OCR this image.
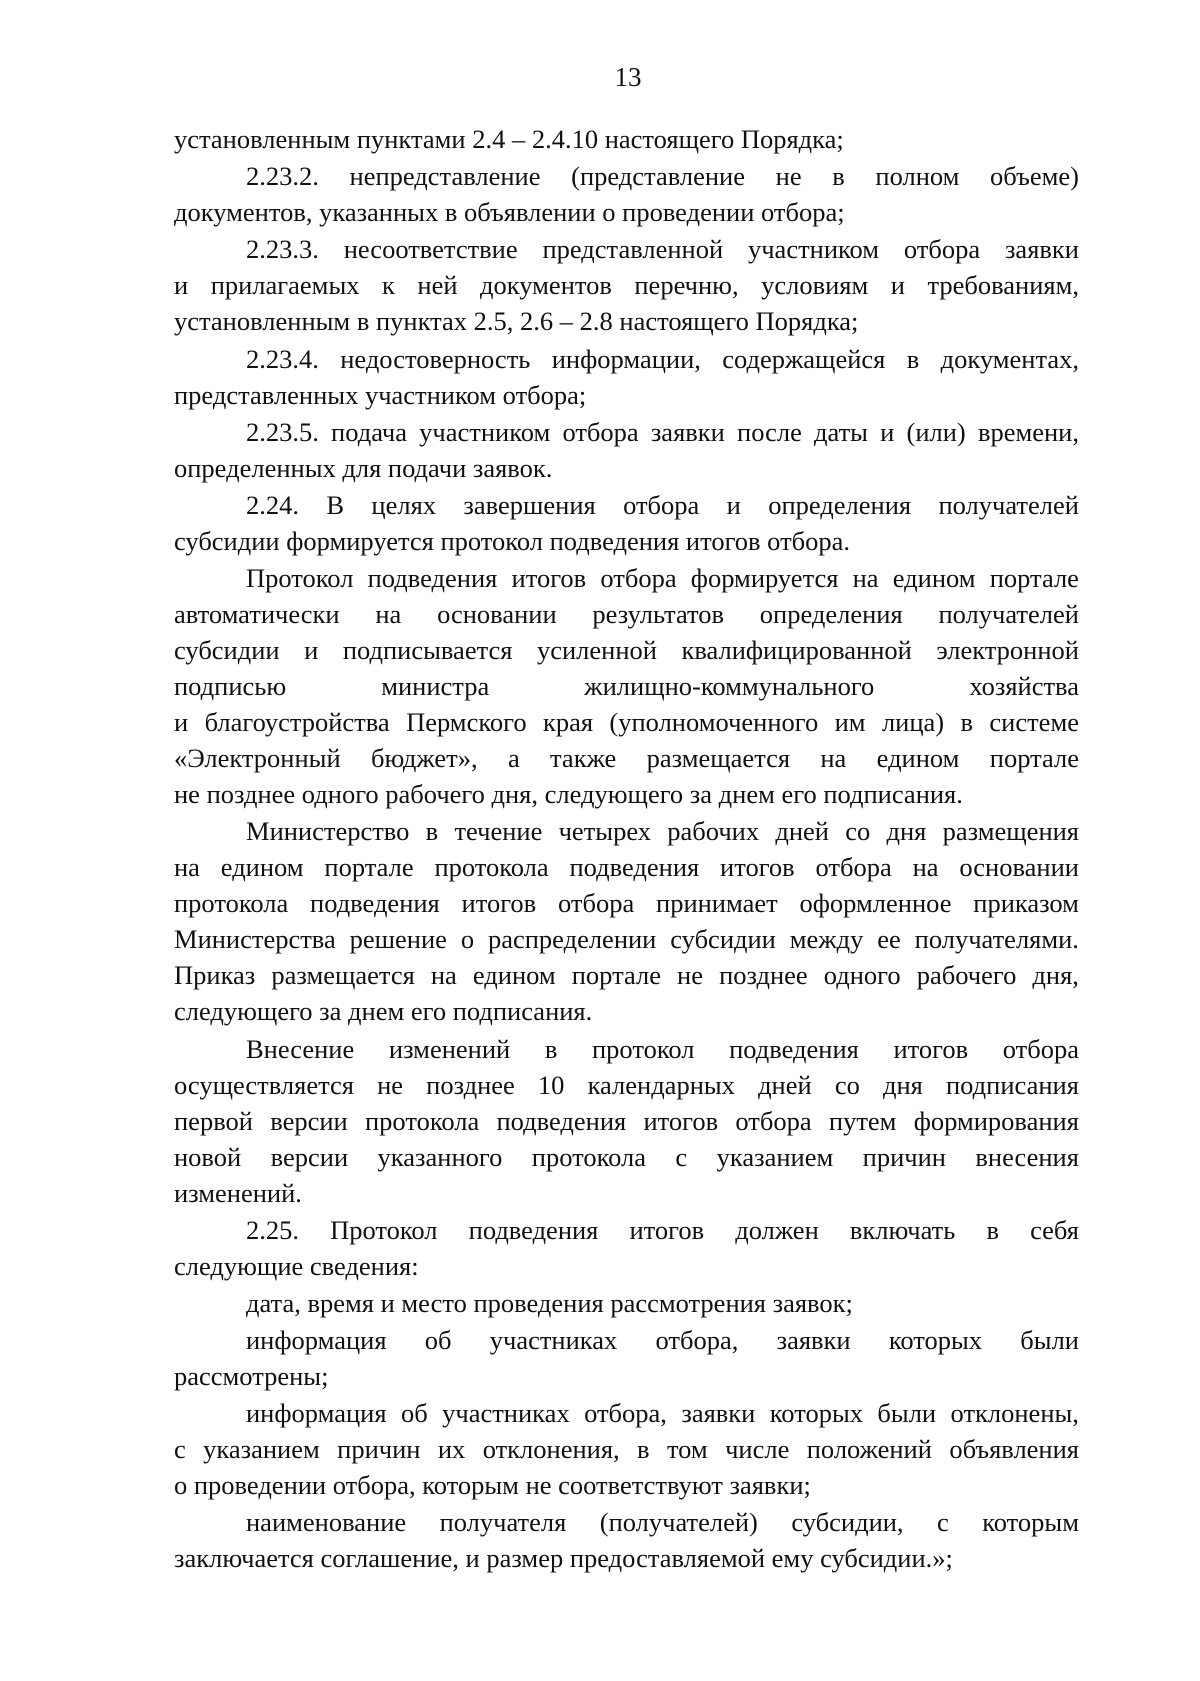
13
установленным пунктами 2.4 – 2.4.10 настоящего Порядка;
2.23.2. непредставление (представление не в полном объеме)
документов, указанных в объявлении о проведении отбора;
2.23.3. несоответствие представленной участником отбора заявки
и прилагаемых к ней документов перечню, условиям и требованиям,
установленным в пунктах 2.5, 2.6 – 2.8 настоящего Порядка;
2.23.4. недостоверность информации, содержащейся в документах,
представленных участником отбора;
2.23.5. подача участником отбора заявки после даты и (или) времени,
определенных для подачи заявок.
2.24. В целях завершения отбора и определения получателей
субсидии формируется протокол подведения итогов отбора.
Протокол подведения итогов отбора формируется на едином портале
автоматически на основании результатов определения получателей
субсидии и подписывается усиленной квалифицированной электронной
подписью	министра	жилищно-коммунального	хозяйства
и благоустройства Пермского края (уполномоченного им лица) в системе
«Электронный бюджет», а также размещается на едином портале
не позднее одного рабочего дня, следующего за днем его подписания.
Министерство в течение четырех рабочих дней со дня размещения
на едином портале протокола подведения итогов отбора на основании
протокола подведения итогов отбора принимает оформленное приказом
Министерства решение о распределении субсидии между ее получателями.
Приказ размещается на едином портале не позднее одного рабочего дня,
следующего за днем его подписания.
Внесение изменений в протокол подведения итогов отбора
осуществляется не позднее 10 календарных дней со дня подписания
первой версии протокола подведения итогов отбора путем формирования
новой версии указанного протокола с указанием причин внесения
изменений.
2.25. Протокол подведения итогов должен включать в себя
следующие сведения:
дата, время и место проведения рассмотрения заявок;
информация об участниках отбора, заявки которых были
рассмотрены;
информация об участниках отбора, заявки которых были отклонены,
с указанием причин их отклонения, в том числе положений объявления
о проведении отбора, которым не соответствуют заявки;
наименование получателя (получателей) субсидии, с которым
заключается соглашение, и размер предоставляемой ему субсидии.»;
